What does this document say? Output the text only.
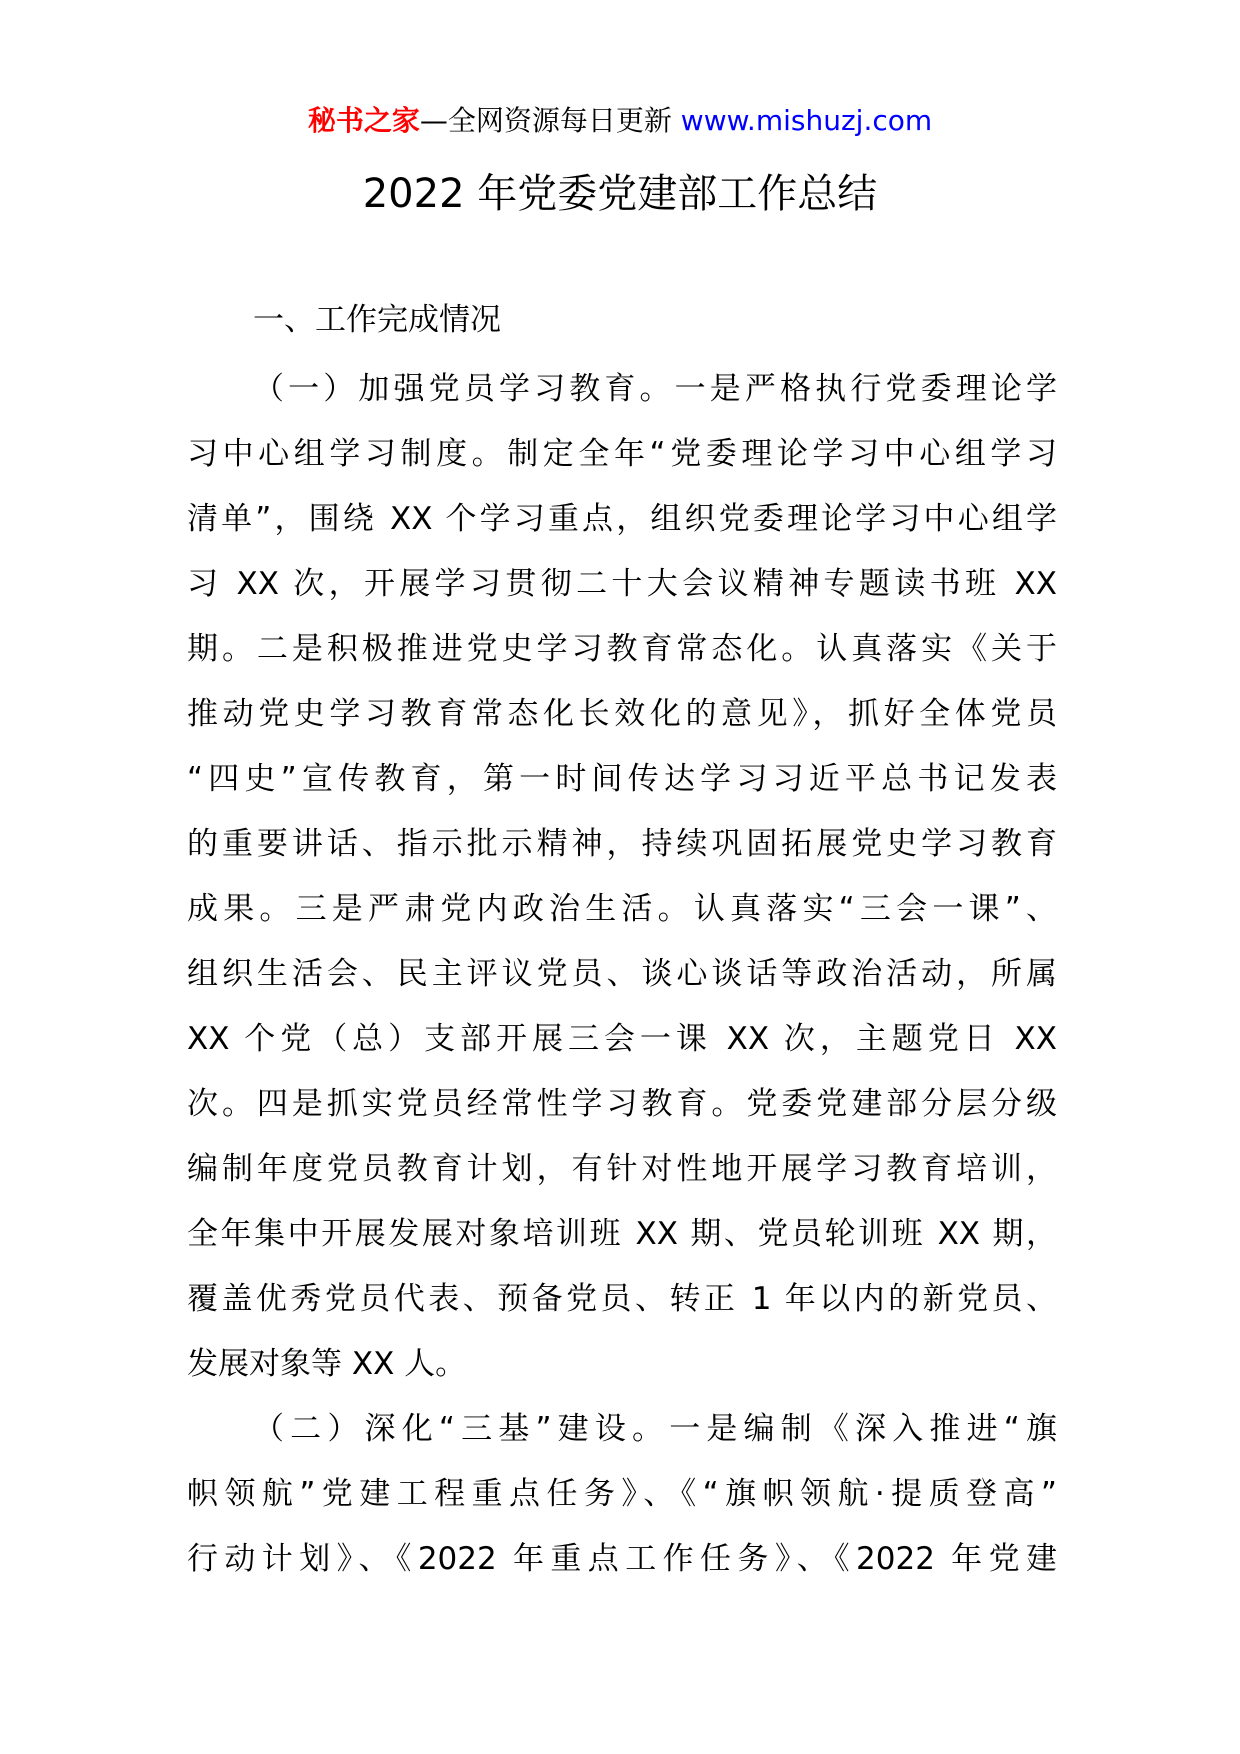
秘书之家—全网资源每日更新 www.mishuzj.com
2022 年党委党建部工作总结
一、工作完成情况
（一）加强党员学习教育。一是严格执行党委理论学
习中心组学习制度。制定全年“党委理论学习中心组学习
清单”，围绕 XX 个学习重点，组织党委理论学习中心组学
习 XX 次，开展学习贯彻二十大会议精神专题读书班 XX
期。二是积极推进党史学习教育常态化。认真落实《关于
推动党史学习教育常态化长效化的意见》，抓好全体党员
“四史”宣传教育，第一时间传达学习习近平总书记发表
的重要讲话、指示批示精神，持续巩固拓展党史学习教育
成果。三是严肃党内政治生活。认真落实“三会一课”、
组织生活会、民主评议党员、谈心谈话等政治活动，所属
XX 个党（总）支部开展三会一课 XX 次，主题党日 XX
次。四是抓实党员经常性学习教育。党委党建部分层分级
编制年度党员教育计划，有针对性地开展学习教育培训，
全年集中开展发展对象培训班 XX 期、党员轮训班 XX 期，
覆盖优秀党员代表、预备党员、转正 1 年以内的新党员、
发展对象等 XX 人。
（二）深化“三基”建设。一是编制《深入推进“旗
帜领航”党建工程重点任务》、《“旗帜领航·提质登高”
行动计划》、《2022 年重点工作任务》、《2022 年党建
